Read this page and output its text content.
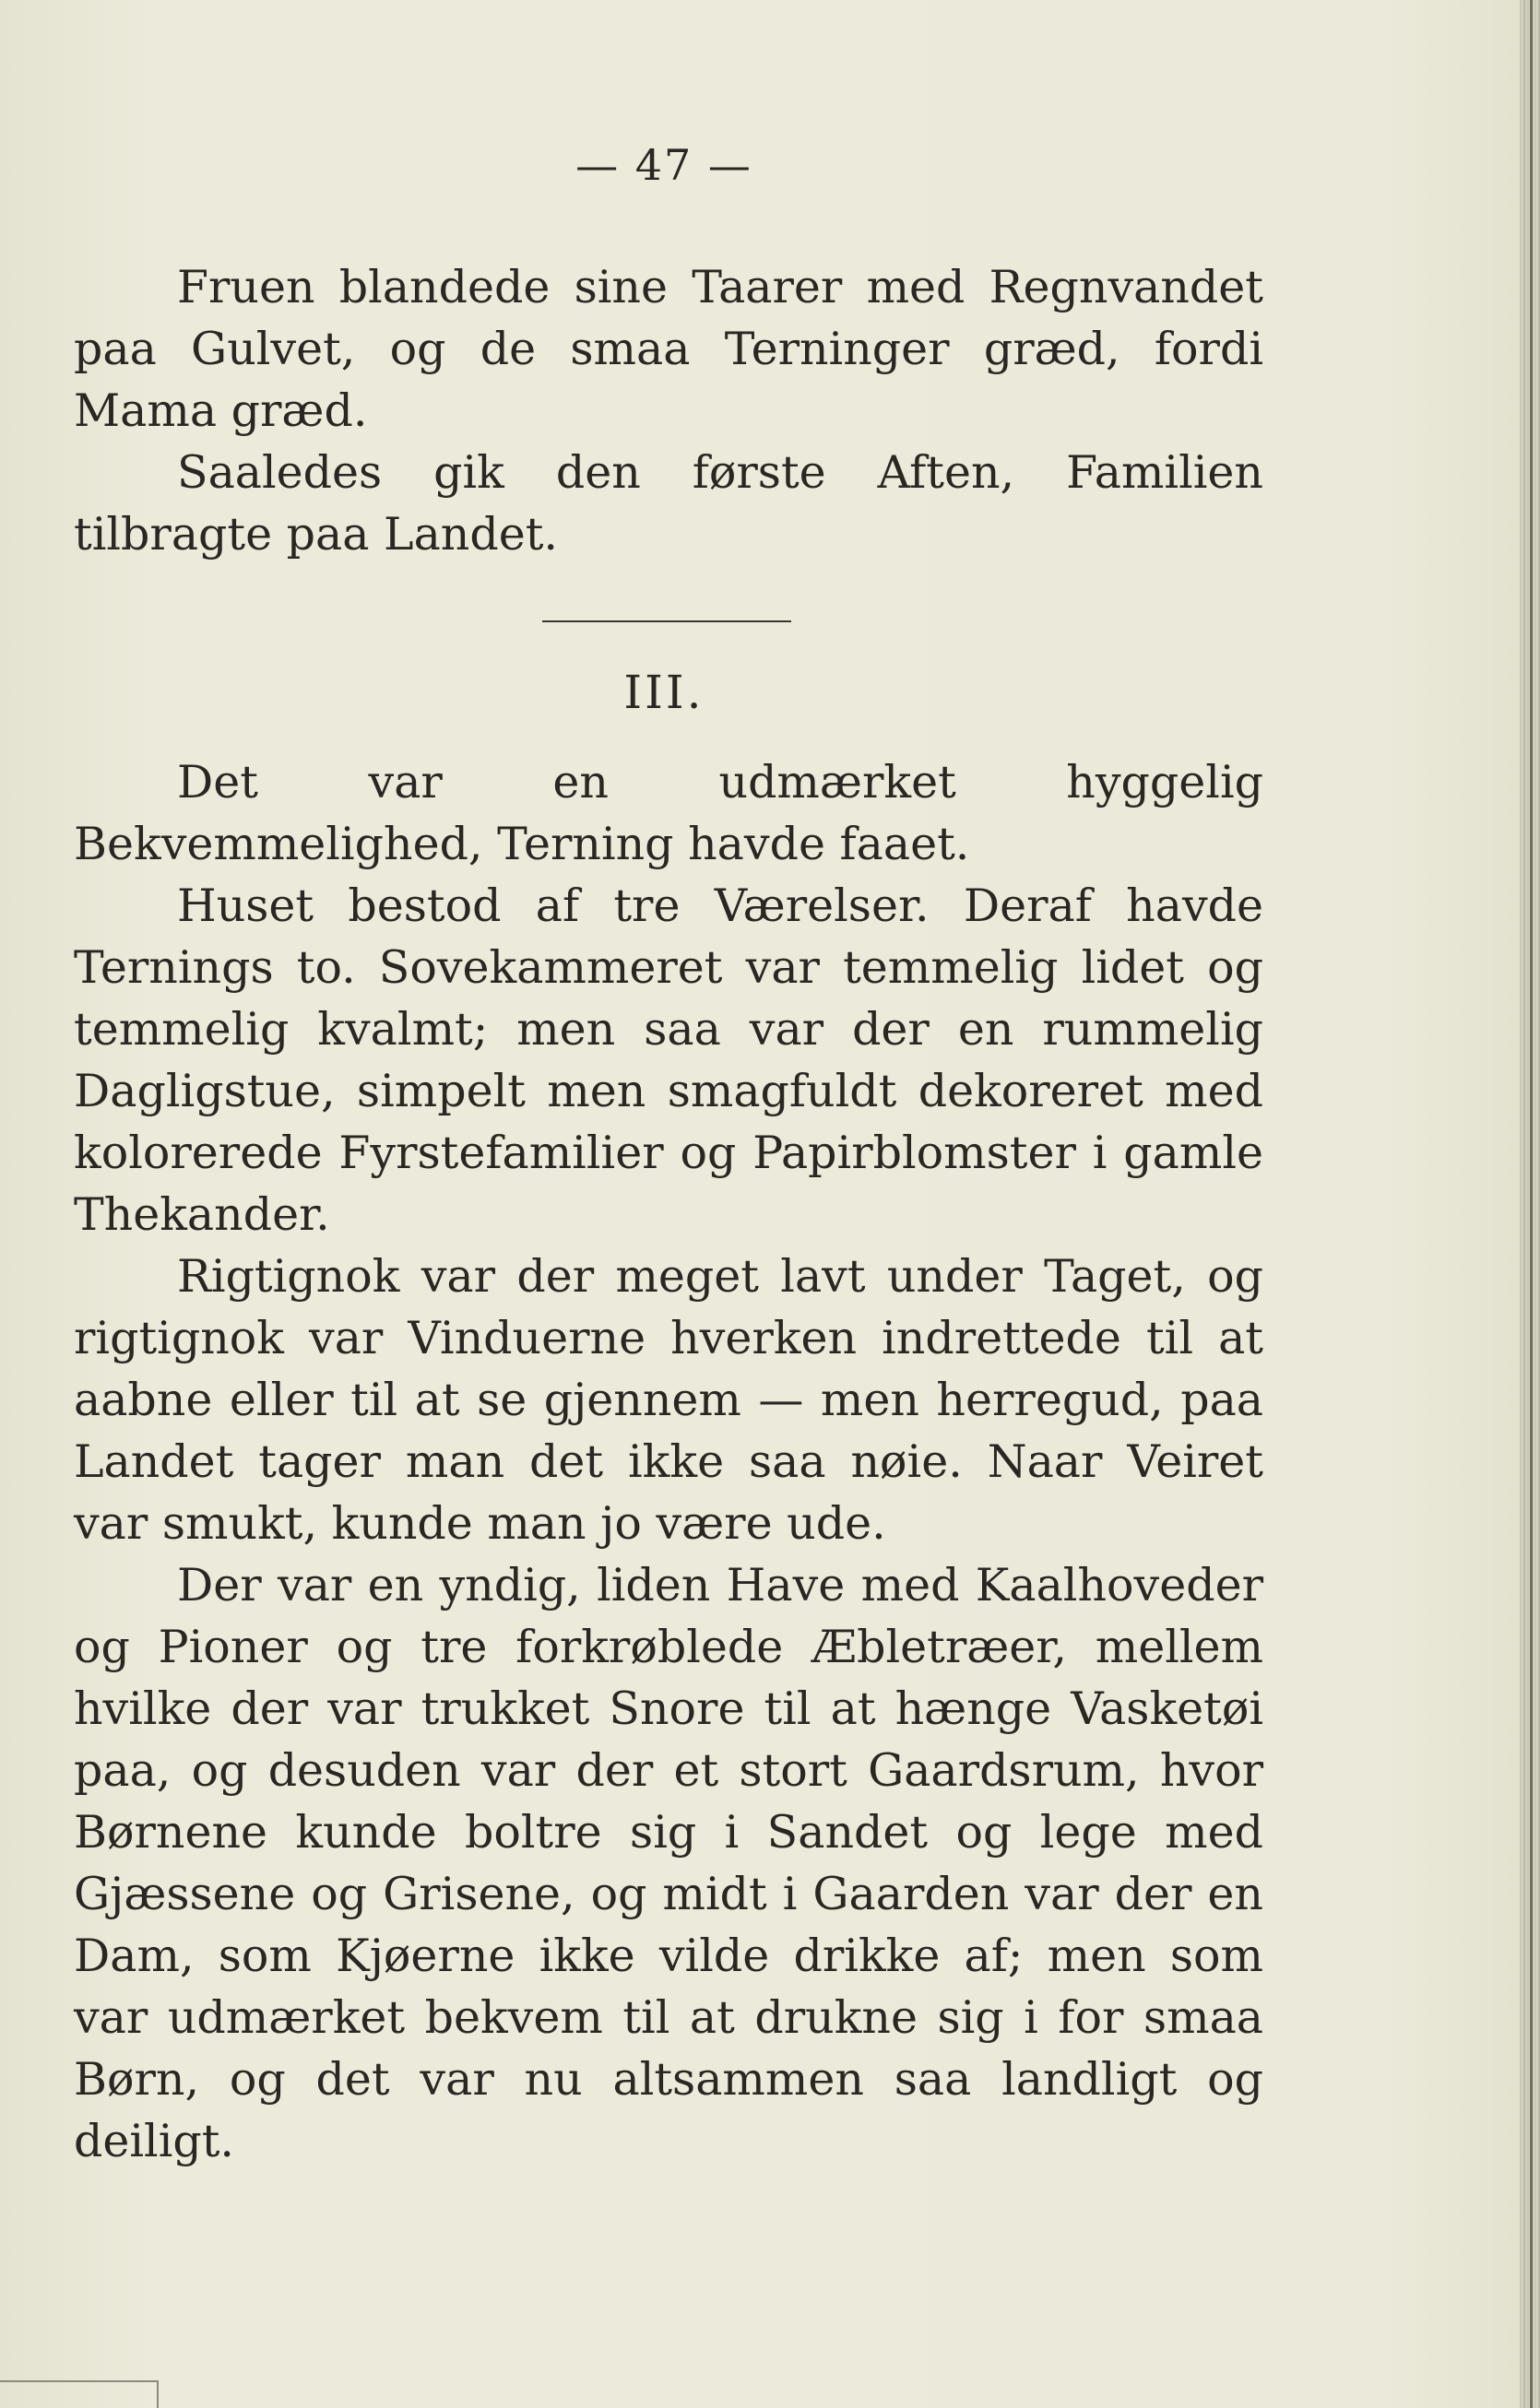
— 47 —

Fruen blandede sine Taarer med Regnvandet paa Gulvet, og de smaa Terninger græd, fordi Mama græd.

Saaledes gik den første Aften, Familien tilbragte paa Landet.

III.

Det var en udmærket hyggelig Bekvemmelighed, Terning havde faaet.

Huset bestod af tre Værelser. Deraf havde Ternings to. Sovekammeret var temmelig lidet og temmelig kvalmt; men saa var der en rummelig Dagligstue, simpelt men smagfuldt dekoreret med kolorerede Fyrstefamilier og Papirblomster i gamle Thekander.

Rigtignok var der meget lavt under Taget, og rigtignok var Vinduerne hverken indrettede til at aabne eller til at se gjennem — men herregud, paa Landet tager man det ikke saa nøie. Naar Veiret var smukt, kunde man jo være ude.

Der var en yndig, liden Have med Kaalhoveder og Pioner og tre forkrøblede Æbletræer, mellem hvilke der var trukket Snore til at hænge Vasketøi paa, og desuden var der et stort Gaardsrum, hvor Børnene kunde boltre sig i Sandet og lege med Gjæssene og Grisene, og midt i Gaarden var der en Dam, som Kjøerne ikke vilde drikke af; men som var udmærket bekvem til at drukne sig i for smaa Børn, og det var nu altsammen saa landligt og deiligt.
